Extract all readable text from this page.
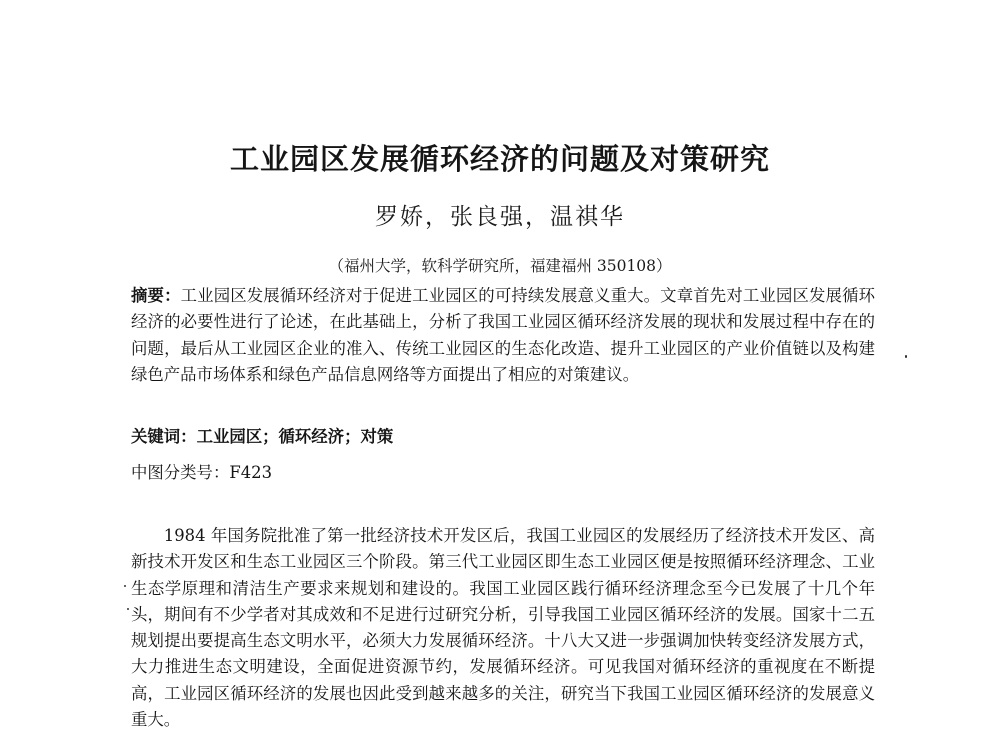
工业园区发展循环经济的问题及对策研究
罗娇，张良强，温祺华
（福州大学，软科学研究所，福建福州 350108）
摘要：工业园区发展循环经济对于促进工业园区的可持续发展意义重大。文章首先对工业园区发展循环经济的必要性进行了论述，在此基础上，分析了我国工业园区循环经济发展的现状和发展过程中存在的问题，最后从工业园区企业的准入、传统工业园区的生态化改造、提升工业园区的产业价值链以及构建绿色产品市场体系和绿色产品信息网络等方面提出了相应的对策建议。
关键词：工业园区；循环经济；对策
中图分类号：F423
1984 年国务院批准了第一批经济技术开发区后，我国工业园区的发展经历了经济技术开发区、高新技术开发区和生态工业园区三个阶段。第三代工业园区即生态工业园区便是按照循环经济理念、工业生态学原理和清洁生产要求来规划和建设的。我国工业园区践行循环经济理念至今已发展了十几个年头，期间有不少学者对其成效和不足进行过研究分析，引导我国工业园区循环经济的发展。国家十二五规划提出要提高生态文明水平，必须大力发展循环经济。十八大又进一步强调加快转变经济发展方式，大力推进生态文明建设，全面促进资源节约，发展循环经济。可见我国对循环经济的重视度在不断提高，工业园区循环经济的发展也因此受到越来越多的关注，研究当下我国工业园区循环经济的发展意义重大。
